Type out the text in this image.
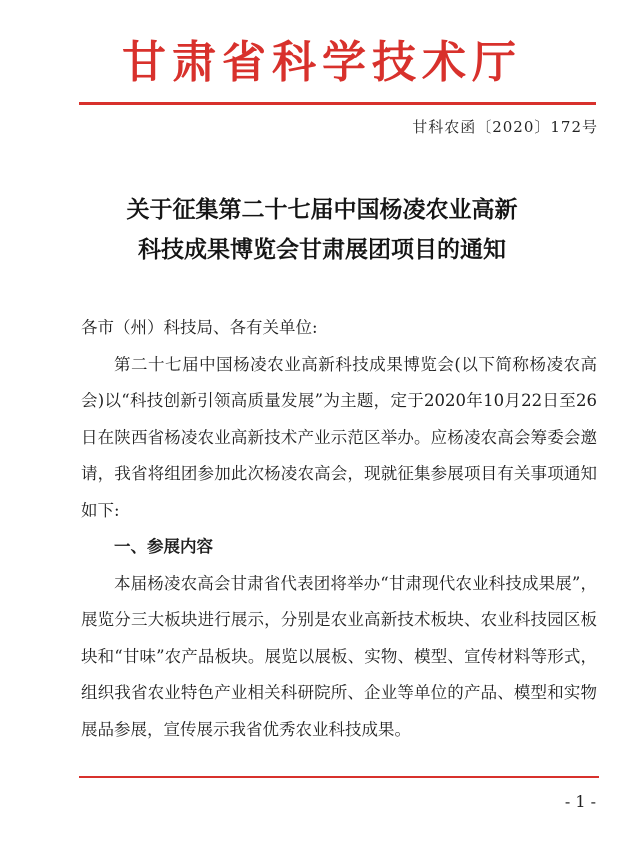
甘肃省科学技术厅
甘科农函〔2020〕172号
关于征集第二十七届中国杨凌农业高新
科技成果博览会甘肃展团项目的通知

各市（州）科技局、各有关单位:

第二十七届中国杨凌农业高新科技成果博览会(以下简称杨凌农高会)以“科技创新引领高质量发展”为主题，定于2020年10月22日至26日在陕西省杨凌农业高新技术产业示范区举办。应杨凌农高会筹委会邀请，我省将组团参加此次杨凌农高会，现就征集参展项目有关事项通知如下:

一、参展内容

本届杨凌农高会甘肃省代表团将举办“甘肃现代农业科技成果展”，展览分三大板块进行展示，分别是农业高新技术板块、农业科技园区板块和“甘味”农产品板块。展览以展板、实物、模型、宣传材料等形式，组织我省农业特色产业相关科研院所、企业等单位的产品、模型和实物展品参展，宣传展示我省优秀农业科技成果。

- 1 -
